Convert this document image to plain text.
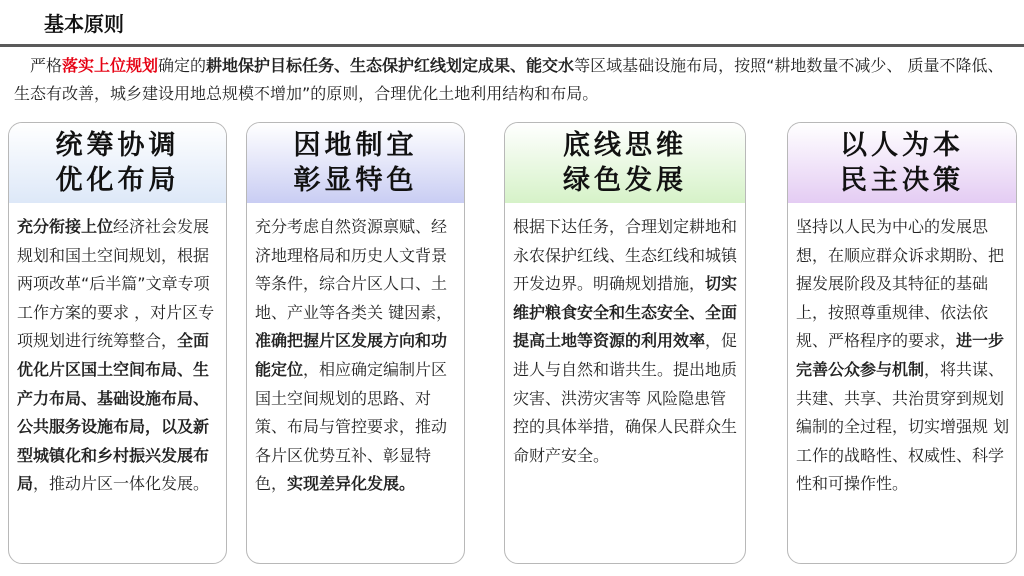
基本原则
严格落实上位规划确定的耕地保护目标任务、生态保护红线划定成果、能交水等区域基础设施布局，按照“耕地数量不减少、 质量不降低、生态有改善，城乡建设用地总规模不增加”的原则，合理优化土地利用结构和布局。
统筹协调
优化布局
充分衔接上位经济社会发展规划和国土空间规划，根据两项改革“后半篇”文章专项工作方案的要求 ，对片区专项规划进行统筹整合，全面优化片区国土空间布局、生产力布局、基础设施布局、公共服务设施布局，以及新型城镇化和乡村振兴发展布局，推动片区一体化发展。
因地制宜
彰显特色
充分考虑自然资源禀赋、经济地理格局和历史人文背景等条件，综合片区人口、土地、产业等各类关 键因素，准确把握片区发展方向和功能定位，相应确定编制片区国土空间规划的思路、对策、布局与管控要求，推动各片区优势互补、彰显特色，实现差异化发展。
底线思维
绿色发展
根据下达任务，合理划定耕地和永农保护红线、生态红线和城镇开发边界。明确规划措施，切实维护粮食安全和生态安全、全面提高土地等资源的利用效率，促进人与自然和谐共生。提出地质灾害、洪涝灾害等 风险隐患管控的具体举措，确保人民群众生命财产安全。
以人为本
民主决策
坚持以人民为中心的发展思想，在顺应群众诉求期盼、把握发展阶段及其特征的基础上，按照尊重规律、依法依规、严格程序的要求，进一步完善公众参与机制，将共谋、共建、共享、共治贯穿到规划编制的全过程，切实增强规 划工作的战略性、权威性、科学性和可操作性。
